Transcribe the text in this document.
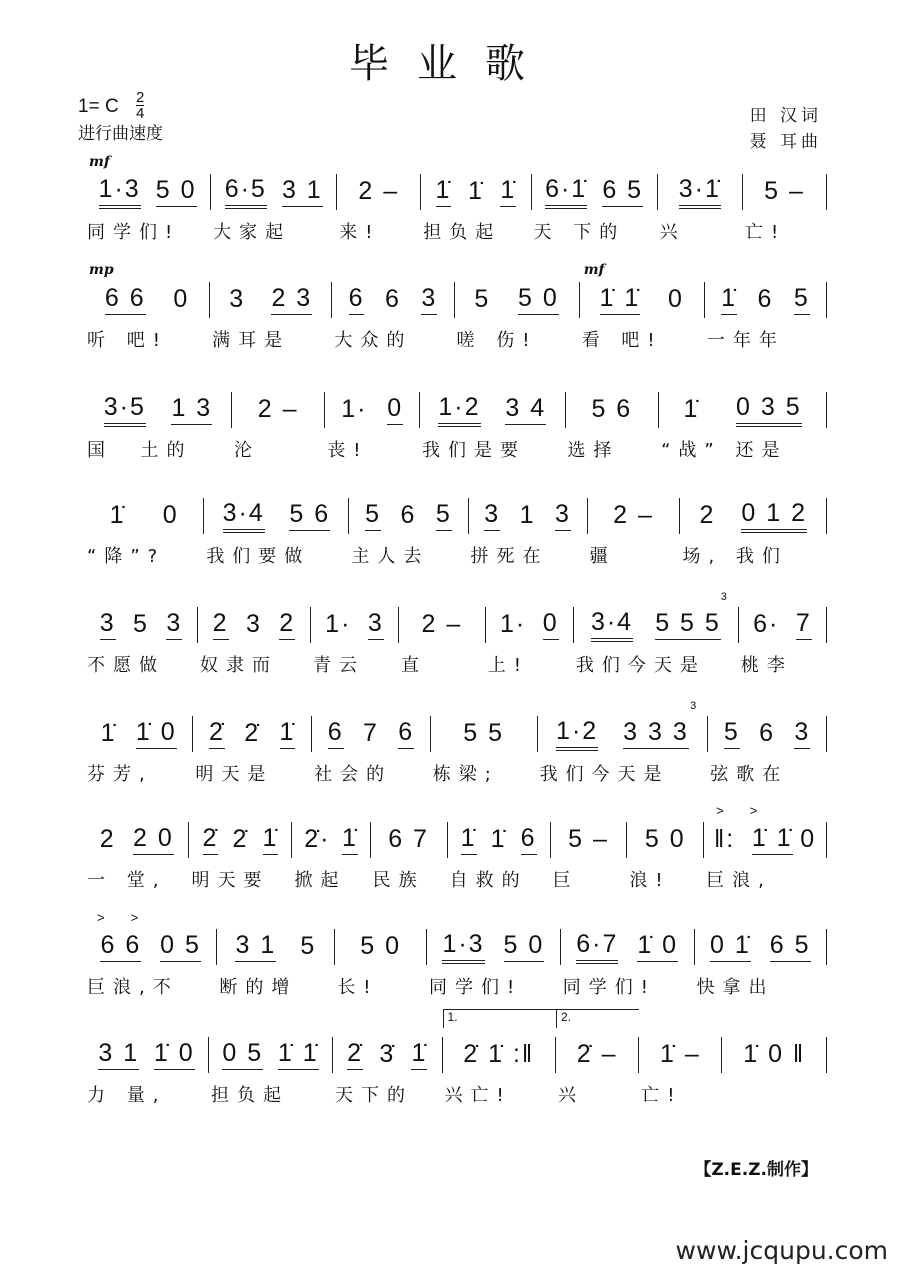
毕业歌
1= C 2
4
进行曲速度
田 汉词
聂 耳曲
1·3 5 0
同学们!
mf
6·5 3 1
大家起
2 –
来!
1̇ 1̇ 1̇
担负起
6·1̇ 6 5
天 下的
3·1̇
兴
5 –
亡!
6 6 0
听 吧!
mp
3 2 3
满耳是
6 6 3
大众的
5 5 0
嗟 伤!
1̇ 1̇ 0
看 吧!
mf
1̇ 6 5
一年年
3·5 1 3
国  土的
2 –
沦
1· 0
丧!
1·2 3 4
我们是要
5 6
选择
1̇ 0 3 5
“战” 还是
1̇ 0
“降”?
3·4 5 6
我们要做
5 6 5
主人去
3 1 3
拼死在
2 –
疆
2 0 1 2
场, 我们
3 5 3
不愿做
2 3 2
奴隶而
1· 3
青云
2 –
直
1· 0
上!
3·4 5 5 5
我们今天是
3
6· 7
桃李
1̇ 1̇ 0
芬芳,
2̇ 2̇ 1̇
明天是
6 7 6
社会的
5 5
栋梁;
1·2 3 3 3
我们今天是
3
5 6 3
弦歌在
2 2 0
一 堂,
2̇ 2̇ 1̇
明天要
2̇· 1̇
掀起
6 7
民族
1̇ 1̇ 6
自救的
5 –
巨
5 0
浪!
‖: 1̇ 1̇ 0
巨浪,
>>
6 6 0 5
巨浪,不
>>
3 1 5
断的增
5 0
长!
1·3 5 0
同学们!
6·7 1̇ 0
同学们!
0 1̇ 6 5
快拿出
3 1 1̇ 0
力 量,
0 5 1̇ 1̇
担负起
2̇ 3̇ 1̇
天下的
2̇ 1̇ :‖
兴亡!
1.
2̇ –
兴
2.
1̇ –
亡!
1̇ 0 ‖
【Z.E.Z.制作】
www.jcqupu.com
